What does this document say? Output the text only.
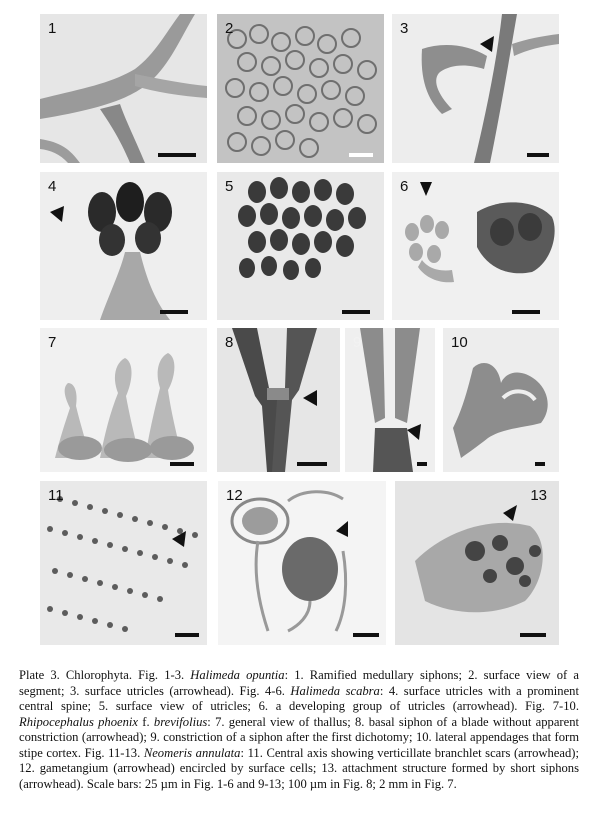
1	2	3
4	5	6
7	8	9	10
11	12	13
Plate 3. Chlorophyta. Fig. 1-3. Halimeda opuntia: 1. Ramified medullary siphons; 2. surface view of a segment; 3. surface utricles (arrowhead). Fig. 4-6. Halimeda scabra: 4. surface utricles with a prominent central spine; 5. surface view of utricles; 6. a developing group of utricles (arrowhead). Fig. 7-10. Rhipocephalus phoenix f. brevifolius: 7. general view of thallus; 8. basal siphon of a blade without apparent constriction (arrowhead); 9. constriction of a siphon after the first dichotomy; 10. lateral appendages that form stipe cortex. Fig. 11-13. Neomeris annulata: 11. Central axis showing verticillate branchlet scars (arrowhead); 12. gametangium (arrowhead) encircled by surface cells; 13. attachment structure formed by short siphons (arrowhead). Scale bars: 25 µm in Fig. 1-6 and 9-13; 100 µm in Fig. 8; 2 mm in Fig. 7.
